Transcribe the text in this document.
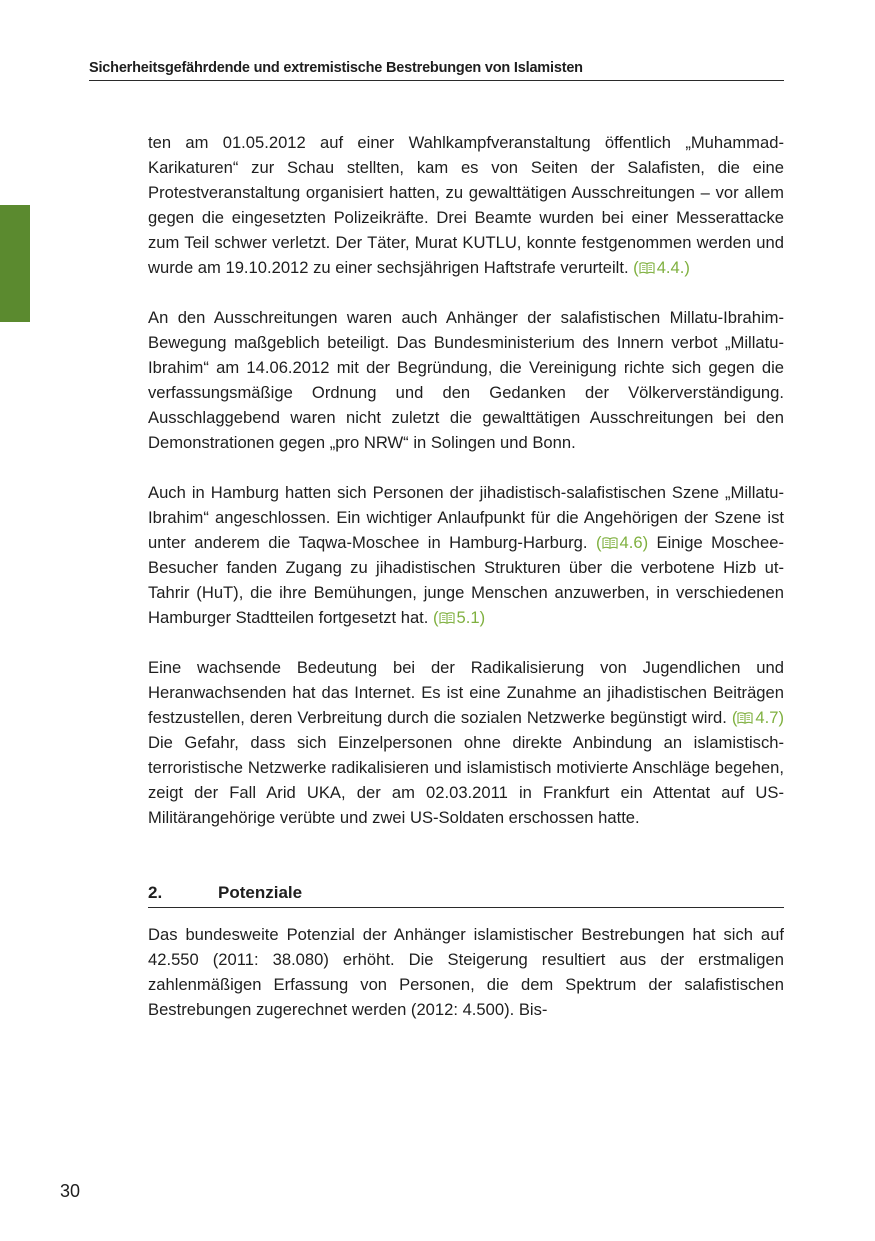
Sicherheitsgefährdende und extremistische Bestrebungen von Islamisten

ten am 01.05.2012 auf einer Wahlkampfveranstaltung öffentlich „Muhammad-Karikaturen“ zur Schau stellten, kam es von Seiten der Salafisten, die eine Protestveranstaltung organisiert hatten, zu gewalttätigen Ausschreitungen – vor allem gegen die eingesetzten Polizeikräfte. Drei Beamte wurden bei einer Messerattacke zum Teil schwer verletzt. Der Täter, Murat KUTLU, konnte festgenommen werden und wurde am 19.10.2012 zu einer sechsjährigen Haftstrafe verurteilt. ( 4.4.)

An den Ausschreitungen waren auch Anhänger der salafistischen Millatu-Ibrahim-Bewegung maßgeblich beteiligt. Das Bundesministerium des Innern verbot „Millatu-Ibrahim“ am 14.06.2012 mit der Begründung, die Vereinigung richte sich gegen die verfassungsmäßige Ordnung und den Gedanken der Völkerverständigung. Ausschlaggebend waren nicht zuletzt die gewalttätigen Ausschreitungen bei den Demonstrationen gegen „pro NRW“ in Solingen und Bonn.

Auch in Hamburg hatten sich Personen der jihadistisch-salafistischen Szene „Millatu-Ibrahim“ angeschlossen. Ein wichtiger Anlaufpunkt für die Angehörigen der Szene ist unter anderem die Taqwa-Moschee in Hamburg-Harburg. ( 4.6) Einige Moschee-Besucher fanden Zugang zu jihadistischen Strukturen über die verbotene Hizb ut-Tahrir (HuT), die ihre Bemühungen, junge Menschen anzuwerben, in verschiedenen Hamburger Stadtteilen fortgesetzt hat. ( 5.1)

Eine wachsende Bedeutung bei der Radikalisierung von Jugendlichen und Heranwachsenden hat das Internet. Es ist eine Zunahme an jihadistischen Beiträgen festzustellen, deren Verbreitung durch die sozialen Netzwerke begünstigt wird. ( 4.7) Die Gefahr, dass sich Einzelpersonen ohne direkte Anbindung an islamistisch-terroristische Netzwerke radikalisieren und islamistisch motivierte Anschläge begehen, zeigt der Fall Arid UKA, der am 02.03.2011 in Frankfurt ein Attentat auf US-Militärangehörige verübte und zwei US-Soldaten erschossen hatte.

2.	Potenziale

Das bundesweite Potenzial der Anhänger islamistischer Bestrebungen hat sich auf 42.550 (2011: 38.080) erhöht. Die Steigerung resultiert aus der erstmaligen zahlenmäßigen Erfassung von Personen, die dem Spektrum der salafistischen Bestrebungen zugerechnet werden (2012: 4.500). Bis-

30
